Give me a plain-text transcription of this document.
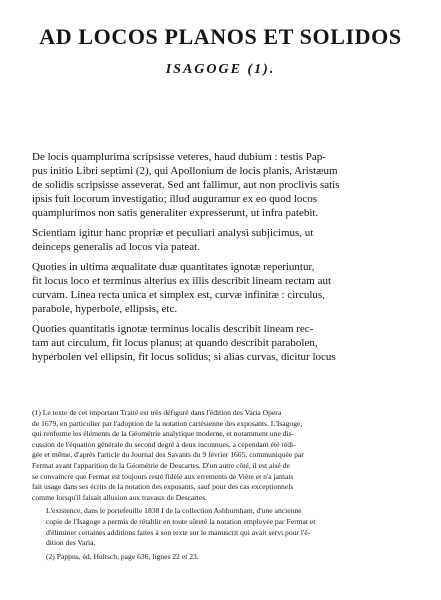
AD LOCOS PLANOS ET SOLIDOS
ISAGOGE (1).

De locis quamplurima scripsisse veteres, haud dubium : testis Pap-
pus initio Libri septimi (2), qui Apollonium de locis planis, Aristæum
de solidis scripsisse asseverat. Sed ant fallimur, aut non proclivis satis
ipsis fuit locorum investigatio; illud auguramur ex eo quod locos
quamplurimos non satis generaliter expresserunt, ut infra patebit.

Scientiam igitur hanc propriæ et peculiari analysi subjicimus, ut
deinceps generalis ad locos via pateat.

Quoties in ultima æqualitate duæ quantitates ignotæ reperiuntur,
fit locus loco et terminus alterius ex illis describit lineam rectam aut
curvam. Linea recta unica et simplex est, curvæ infinitæ : circulus,
parabole, hyperbole, ellipsis, etc.

Quoties quantitatis ignotæ terminus localis describit lineam rec-
tam aut circulum, fit locus planus; at quando describit parabolen,
hyperbolen vel ellipsin, fit locus solidus; si alias curvas, dicitur locus

(1) Le texte de cet important Traité est très défiguré dans l'édition des Varia Opera
de 1679, en particulier par l'adoption de la notation cartésienne des exposants. L'Isagoge,
qui renferme les éléments de la Géométrie analytique moderne, et notamment une dis-
cussion de l'équation générale du second degré à deux inconnues, a cependant été rédi-
gée et même, d'après l'article du Journal des Savants du 9 février 1665, communiquée par
Fermat avant l'apparition de la Géométrie de Descartes. D'un autre côté, il est aisé de
se convaincre que Fermat est toujours resté fidèle aux errements de Viète et n'a jamais
fait usage dans ses écrits de la notation des exposants, sauf pour des cas exceptionnels
comme lorsqu'il faisait allusion aux travaux de Descartes.

L'existence, dans le portefeuille 1838 I de la collection Ashburnham, d'une ancienne
copie de l'Isagoge a permis de rétablir en toute sûreté la notation employée par Fermat et
d'éliminer certaines additions faites à son texte sur le manuscrit qui avait servi pour l'é-
dition des Varia.

(2) Pappus, éd. Hultsch, page 636, lignes 22 et 23.
